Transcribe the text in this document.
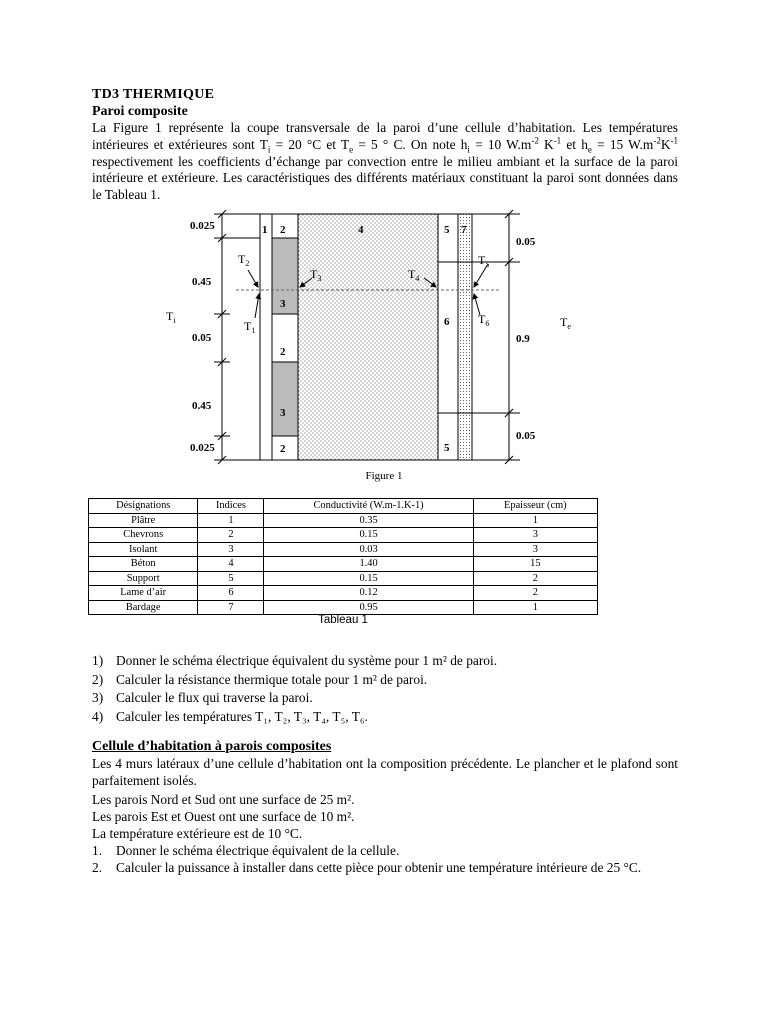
TD3 THERMIQUE
Paroi composite

La Figure 1 représente la coupe transversale de la paroi d’une cellule d’habitation. Les températures intérieures et extérieures sont $T_i = 20$ °C et $T_e = 5$ ° C. On note $h_i = 10$ $W.m^{-2}$ $K^{-1}$ et $h_e = 15$ $W.m^{-2}K^{-1}$ respectivement les coefficients d’échange par convection entre le milieu ambiant et la surface de la paroi intérieure et extérieure. Les caractéristiques des différents matériaux constituant la paroi sont données dans le Tableau 1.

1 2
3
2
3
2
4	5
6
5
7
0.025
0.45
0.05
0.45
0.025
0.05
0.9
0.05
$T_2$
$T_1$
$T_3$	$T_4$
$T_5$
$T_6$
$T_i$	$T_e$
Figure 1
Désignations	Indices	Conductivité (W.m-1.K-1)	Epaisseur (cm)
Plâtre	1	0.35	1
Chevrons	2	0.15	3
Isolant	3	0.03	3
Béton	4	1.40	15
Support	5	0.15	2
Lame d’air	6	0.12	2
Bardage	7	0.95	1
Tableau 1
1) Donner le schéma électrique équivalent du système pour 1 m² de paroi.
2) Calculer la résistance thermique totale pour 1 m² de paroi.
3) Calculer le flux qui traverse la paroi.
4) Calculer les températures T₁, T₂, T₃, T₄, T₅, T₆.
Cellule d’habitation à parois composites

Les 4 murs latéraux d’une cellule d’habitation ont la composition précédente. Le plancher et le plafond sont parfaitement isolés.

Les parois Nord et Sud ont une surface de 25 m².

Les parois Est et Ouest ont une surface de 10 m².

La température extérieure est de 10 °C.

1.	Donner le schéma électrique équivalent de la cellule.
2.	Calculer la puissance à installer dans cette pièce pour obtenir une température intérieure de 25 °C.
